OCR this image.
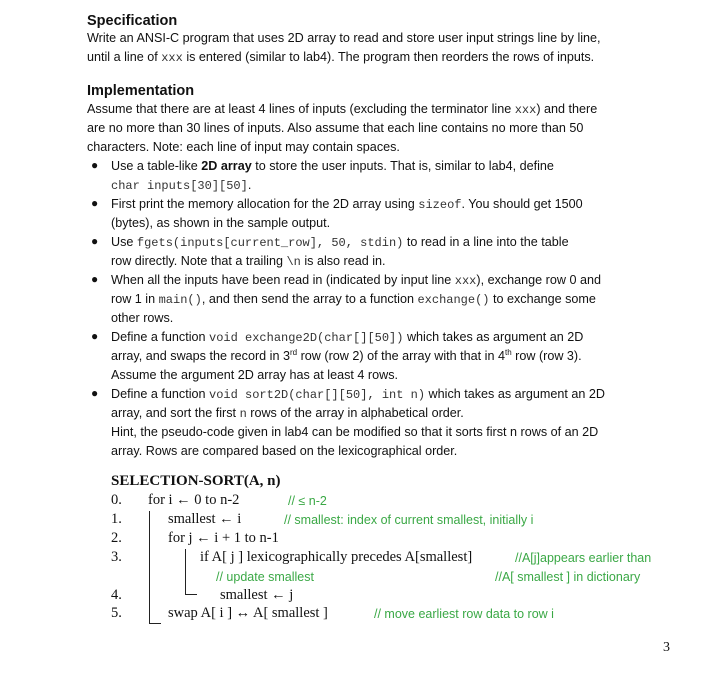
Specification
Write an ANSI-C program that uses 2D array to read and store user input strings line by line,
until a line of xxx is entered (similar to lab4). The program then reorders the rows of inputs.
Implementation
Assume that there are at least 4 lines of inputs (excluding the terminator line xxx) and there
are no more than 30 lines of inputs. Also assume that each line contains no more than 50
characters. Note: each line of input may contain spaces.
● Use a table-like 2D array to store the user inputs. That is, similar to lab4, define
char inputs[30][50].
● First print the memory allocation for the 2D array using sizeof. You should get 1500
(bytes), as shown in the sample output.
● Use fgets(inputs[current_row], 50, stdin) to read in a line into the table
row directly. Note that a trailing \n is also read in.
● When all the inputs have been read in (indicated by input line xxx), exchange row 0 and
row 1 in main(), and then send the array to a function exchange() to exchange some
other rows.
● Define a function void exchange2D(char[][50]) which takes as argument an 2D
array, and swaps the record in 3rd row (row 2) of the array with that in 4th row (row 3).
Assume the argument 2D array has at least 4 rows.
● Define a function void sort2D(char[][50], int n) which takes as argument an 2D
array, and sort the first n rows of the array in alphabetical order.
Hint, the pseudo-code given in lab4 can be modified so that it sorts first n rows of an 2D
array. Rows are compared based on the lexicographical order.
SELECTION-SORT(A, n)
0. for i ← 0 to n-2	// ≤ n-2
1.	smallest ← i	// smallest: index of current smallest, initially i
2.	for j ← i + 1 to n-1
3.	if A[ j ] lexicographically precedes A[smallest]	//A[j]appears earlier than
// update smallest	//A[ smallest ] in dictionary
4.	smallest ← j
5.	swap A[ i ] ↔ A[ smallest ]	// move earliest row data to row i
3
